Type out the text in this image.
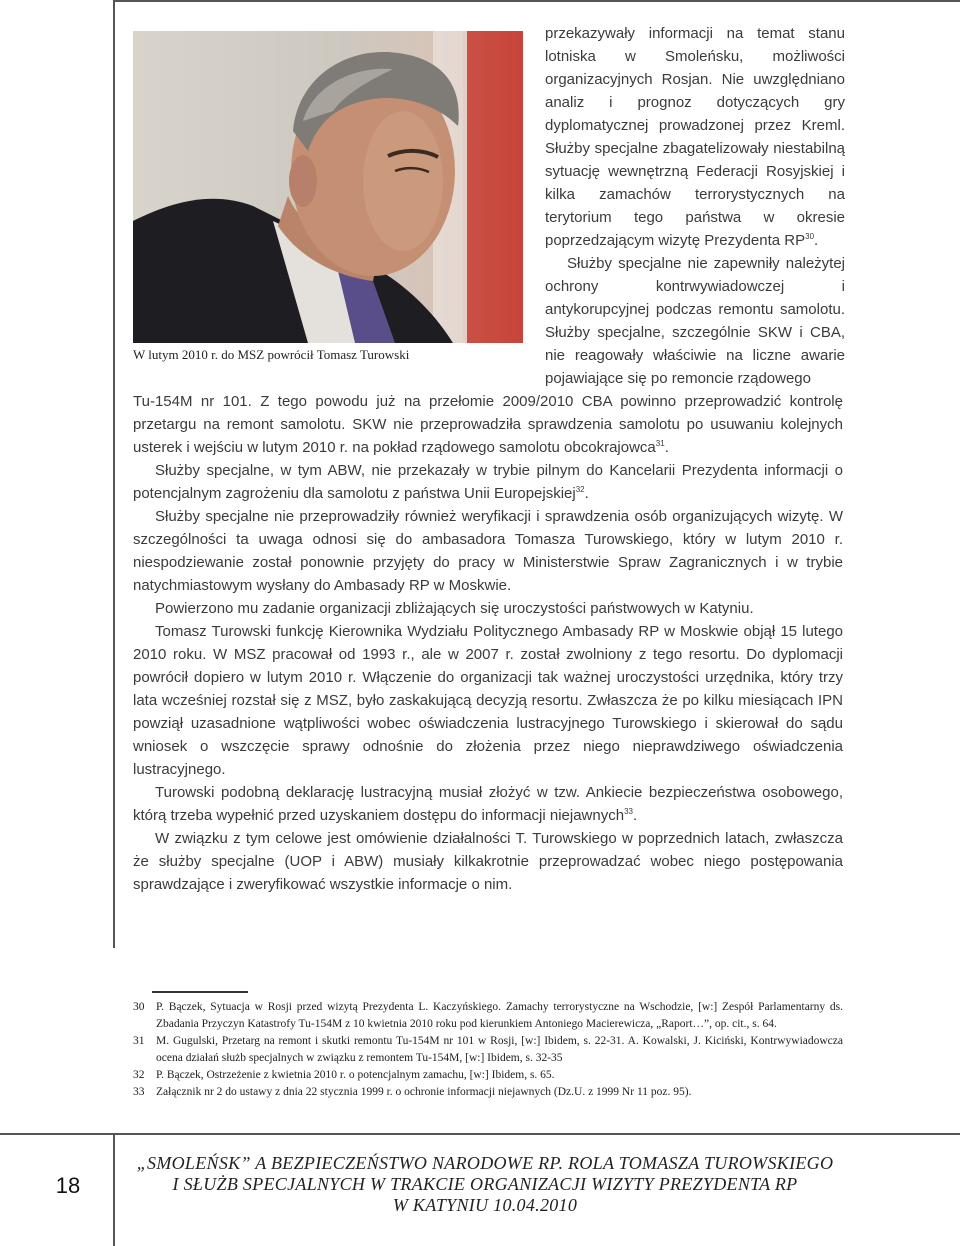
W lutym 2010 r. do MSZ powrócił Tomasz Turowski

przekazywały informacji na temat stanu lotniska w Smoleńsku, możliwości organizacyjnych Rosjan. Nie uwzględniano analiz i prognoz dotyczących gry dyplomatycznej prowadzonej przez Kreml. Służby specjalne zbagatelizowały niestabilną sytuację wewnętrzną Federacji Rosyjskiej i kilka zamachów terrorystycznych na terytorium tego państwa w okresie poprzedzającym wizytę Prezydenta RP$^{30}$.

Służby specjalne nie zapewniły należytej ochrony kontrwywiadowczej i antykorupcyjnej podczas remontu samolotu. Służby specjalne, szczególnie SKW i CBA, nie reagowały właściwie na liczne awarie pojawiające się po remoncie rządowego

Tu-154M nr 101. Z tego powodu już na przełomie 2009/2010 CBA powinno przeprowadzić kontrolę przetargu na remont samolotu. SKW nie przeprowadziła sprawdzenia samolotu po usuwaniu kolejnych usterek i wejściu w lutym 2010 r. na pokład rządowego samolotu obcokrajowca$^{31}$.

Służby specjalne, w tym ABW, nie przekazały w trybie pilnym do Kancelarii Prezydenta informacji o potencjalnym zagrożeniu dla samolotu z państwa Unii Europejskiej$^{32}$.

Służby specjalne nie przeprowadziły również weryfikacji i sprawdzenia osób organizujących wizytę. W szczególności ta uwaga odnosi się do ambasadora Tomasza Turowskiego, który w lutym 2010 r. niespodziewanie został ponownie przyjęty do pracy w Ministerstwie Spraw Zagranicznych i w trybie natychmiastowym wysłany do Ambasady RP w Moskwie.

Powierzono mu zadanie organizacji zbliżających się uroczystości państwowych w Katyniu.

Tomasz Turowski funkcję Kierownika Wydziału Politycznego Ambasady RP w Moskwie objął 15 lutego 2010 roku. W MSZ pracował od 1993 r., ale w 2007 r. został zwolniony z tego resortu. Do dyplomacji powrócił dopiero w lutym 2010 r. Włączenie do organizacji tak ważnej uroczystości urzędnika, który trzy lata wcześniej rozstał się z MSZ, było zaskakującą decyzją resortu. Zwłaszcza że po kilku miesiącach IPN powziął uzasadnione wątpliwości wobec oświadczenia lustracyjnego Turowskiego i skierował do sądu wniosek o wszczęcie sprawy odnośnie do złożenia przez niego nieprawdziwego oświadczenia lustracyjnego.

Turowski podobną deklarację lustracyjną musiał złożyć w tzw. Ankiecie bezpieczeństwa osobowego, którą trzeba wypełnić przed uzyskaniem dostępu do informacji niejawnych$^{33}$.

W związku z tym celowe jest omówienie działalności T. Turowskiego w poprzednich latach, zwłaszcza że służby specjalne (UOP i ABW) musiały kilkakrotnie przeprowadzać wobec niego postępowania sprawdzające i zweryfikować wszystkie informacje o nim.

30	P. Bączek, Sytuacja w Rosji przed wizytą Prezydenta L. Kaczyńskiego. Zamachy terrorystyczne na Wschodzie, [w:] Zespół Parlamentarny ds. Zbadania Przyczyn Katastrofy Tu-154M z 10 kwietnia 2010 roku pod kierunkiem Antoniego Macierewicza, „Raport…”, op. cit., s. 64.
31	M. Gugulski, Przetarg na remont i skutki remontu Tu-154M nr 101 w Rosji, [w:] Ibidem, s. 22-31. A. Kowalski, J. Kiciński, Kontrwywiadowcza ocena działań służb specjalnych w związku z remontem Tu-154M, [w:] Ibidem, s. 32-35
32	P. Bączek, Ostrzeżenie z kwietnia 2010 r. o potencjalnym zamachu, [w:] Ibidem, s. 65.
33	Załącznik nr 2 do ustawy z dnia 22 stycznia 1999 r. o ochronie informacji niejawnych (Dz.U. z 1999 Nr 11 poz. 95).
18
„SMOLEŃSK” A BEZPIECZEŃSTWO NARODOWE RP. ROLA TOMASZA TUROWSKIEGO
I SŁUŻB SPECJALNYCH W TRAKCIE ORGANIZACJI WIZYTY PREZYDENTA RP
W KATYNIU 10.04.2010
